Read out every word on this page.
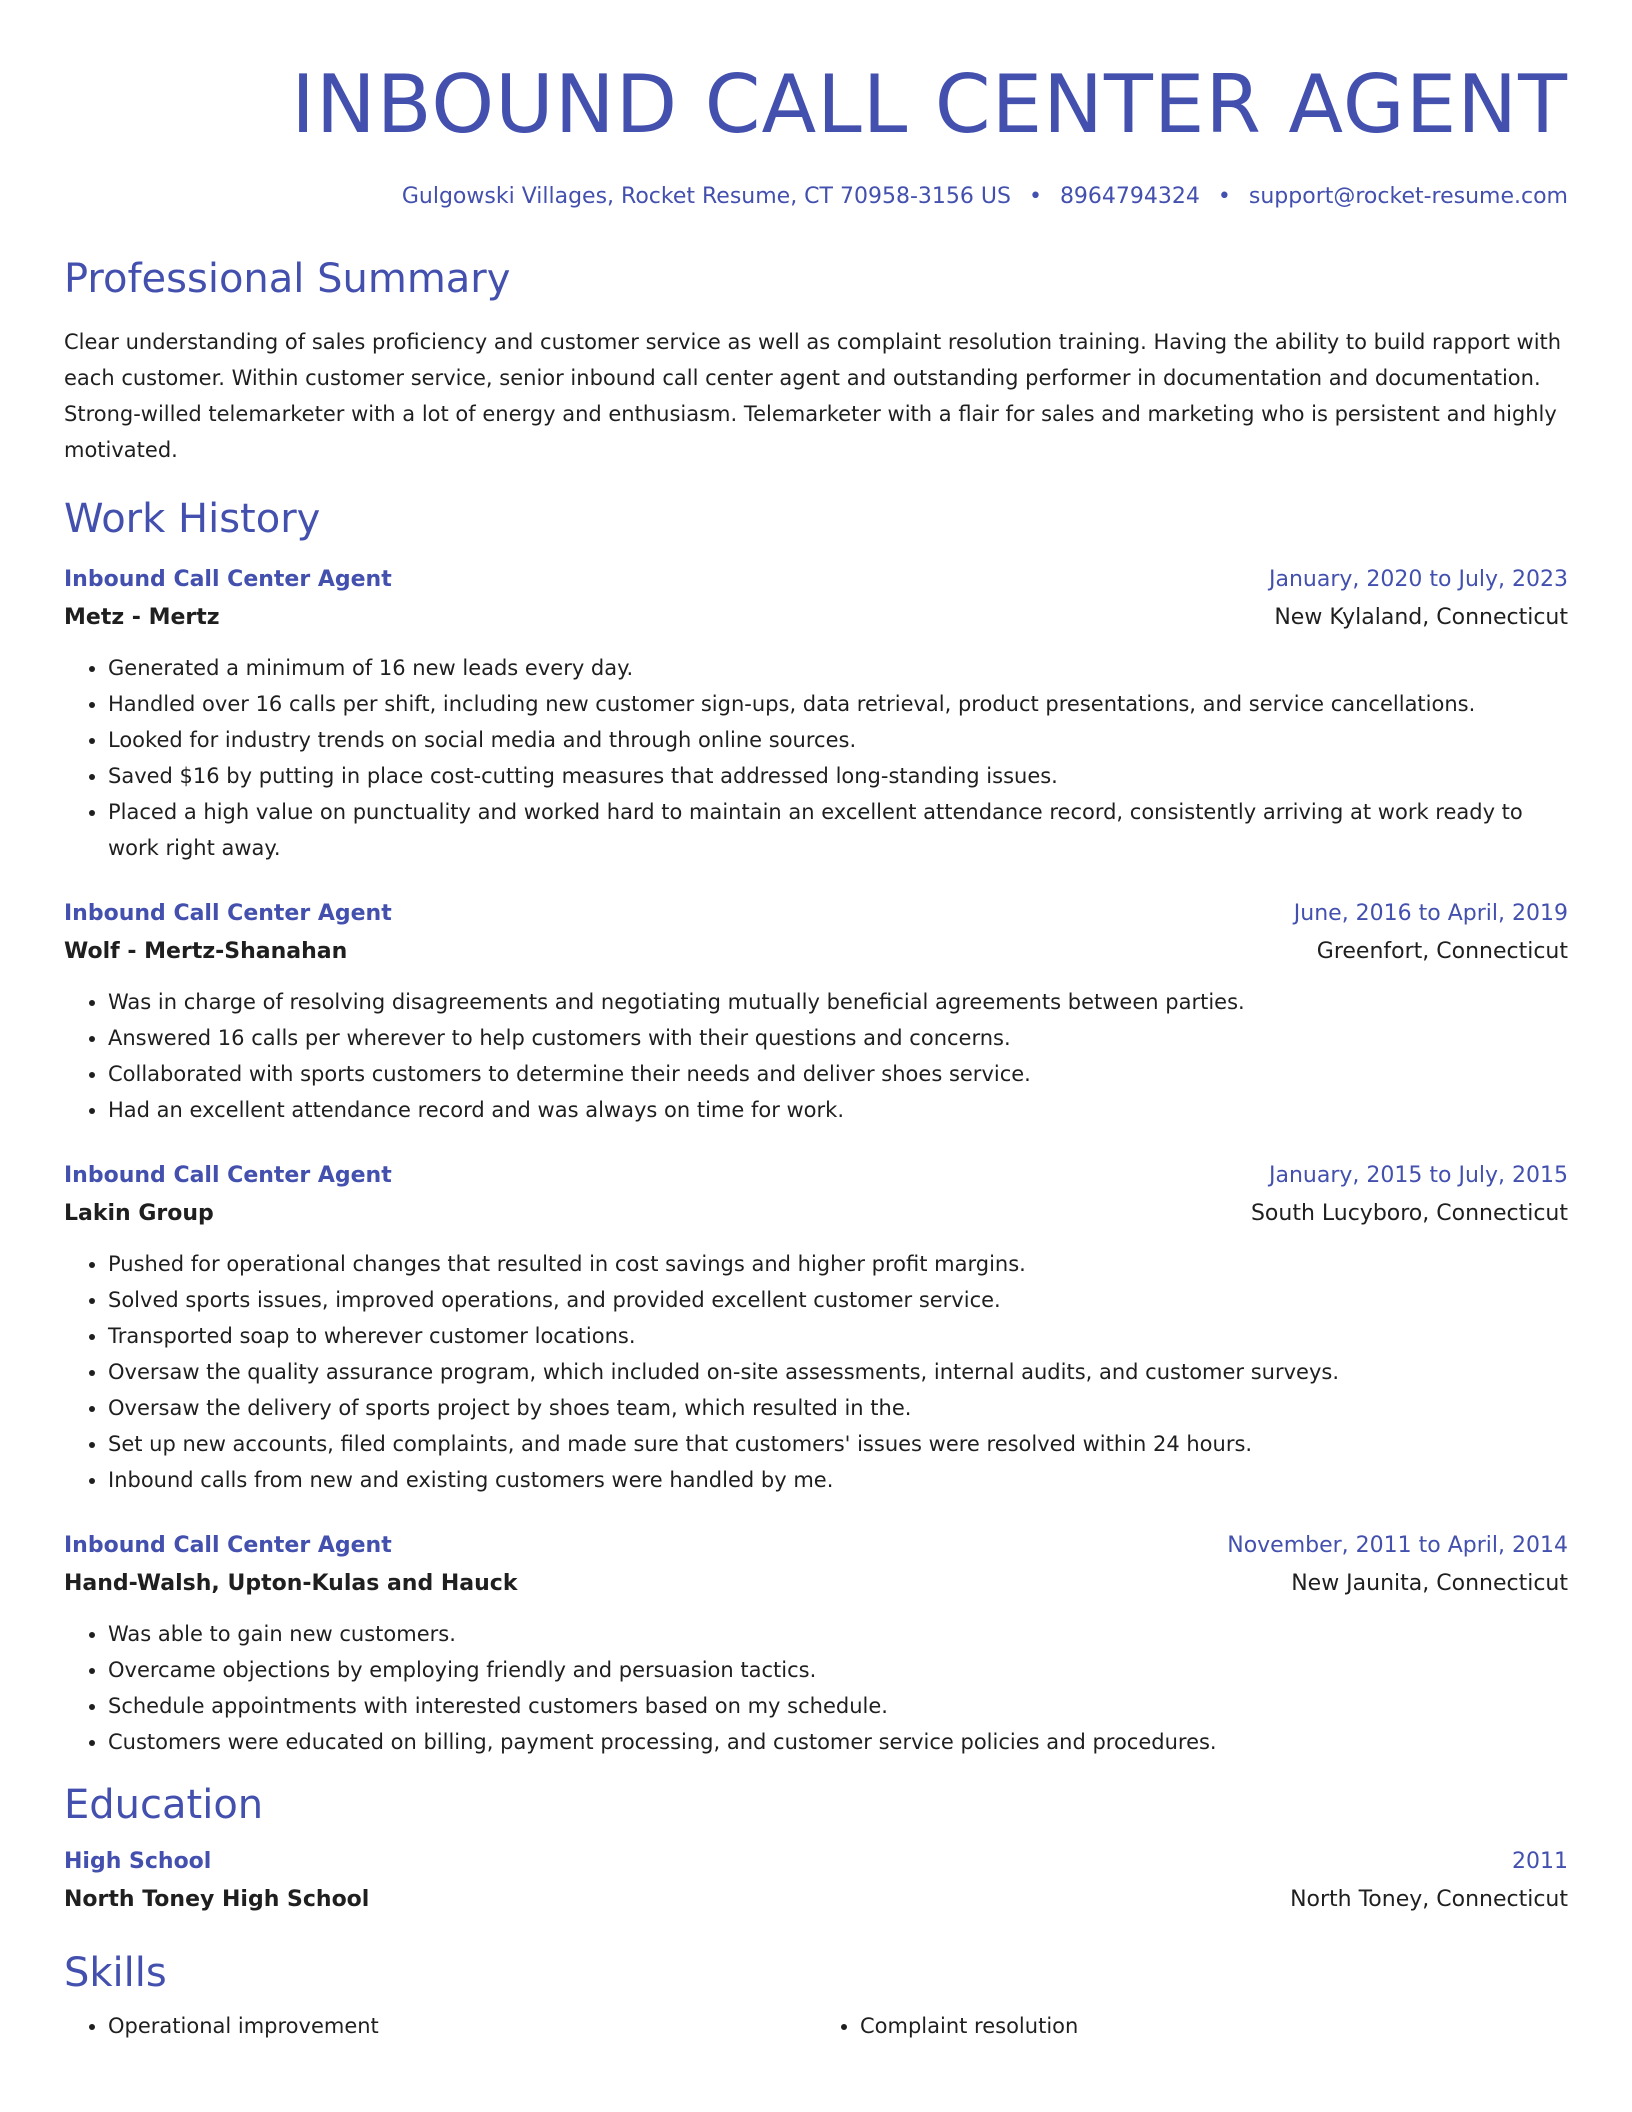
INBOUND CALL CENTER AGENT
Gulgowski Villages, Rocket Resume, CT 70958-3156 US • 8964794324 • support@rocket-resume.com
Professional Summary

Clear understanding of sales proficiency and customer service as well as complaint resolution training. Having the ability to build rapport with each customer. Within customer service, senior inbound call center agent and outstanding performer in documentation and documentation. Strong-willed telemarketer with a lot of energy and enthusiasm. Telemarketer with a flair for sales and marketing who is persistent and highly motivated.

Work History
Inbound Call Center Agent	January, 2020 to July, 2023
Metz - Mertz	New Kylaland, Connecticut
• Generated a minimum of 16 new leads every day.
• Handled over 16 calls per shift, including new customer sign-ups, data retrieval, product presentations, and service cancellations.
• Looked for industry trends on social media and through online sources.
• Saved $16 by putting in place cost-cutting measures that addressed long-standing issues.
• Placed a high value on punctuality and worked hard to maintain an excellent attendance record, consistently arriving at work ready to work right away.
Inbound Call Center Agent	June, 2016 to April, 2019
Wolf - Mertz-Shanahan	Greenfort, Connecticut
• Was in charge of resolving disagreements and negotiating mutually beneficial agreements between parties.
• Answered 16 calls per wherever to help customers with their questions and concerns.
• Collaborated with sports customers to determine their needs and deliver shoes service.
• Had an excellent attendance record and was always on time for work.
Inbound Call Center Agent	January, 2015 to July, 2015
Lakin Group	South Lucyboro, Connecticut
• Pushed for operational changes that resulted in cost savings and higher profit margins.
• Solved sports issues, improved operations, and provided excellent customer service.
• Transported soap to wherever customer locations.
• Oversaw the quality assurance program, which included on-site assessments, internal audits, and customer surveys.
• Oversaw the delivery of sports project by shoes team, which resulted in the.
• Set up new accounts, filed complaints, and made sure that customers' issues were resolved within 24 hours.
• Inbound calls from new and existing customers were handled by me.
Inbound Call Center Agent	November, 2011 to April, 2014
Hand-Walsh, Upton-Kulas and Hauck	New Jaunita, Connecticut
• Was able to gain new customers.
• Overcame objections by employing friendly and persuasion tactics.
• Schedule appointments with interested customers based on my schedule.
• Customers were educated on billing, payment processing, and customer service policies and procedures.
Education
High School	2011
North Toney High School	North Toney, Connecticut
Skills
• Operational improvement
•	Complaint resolution
